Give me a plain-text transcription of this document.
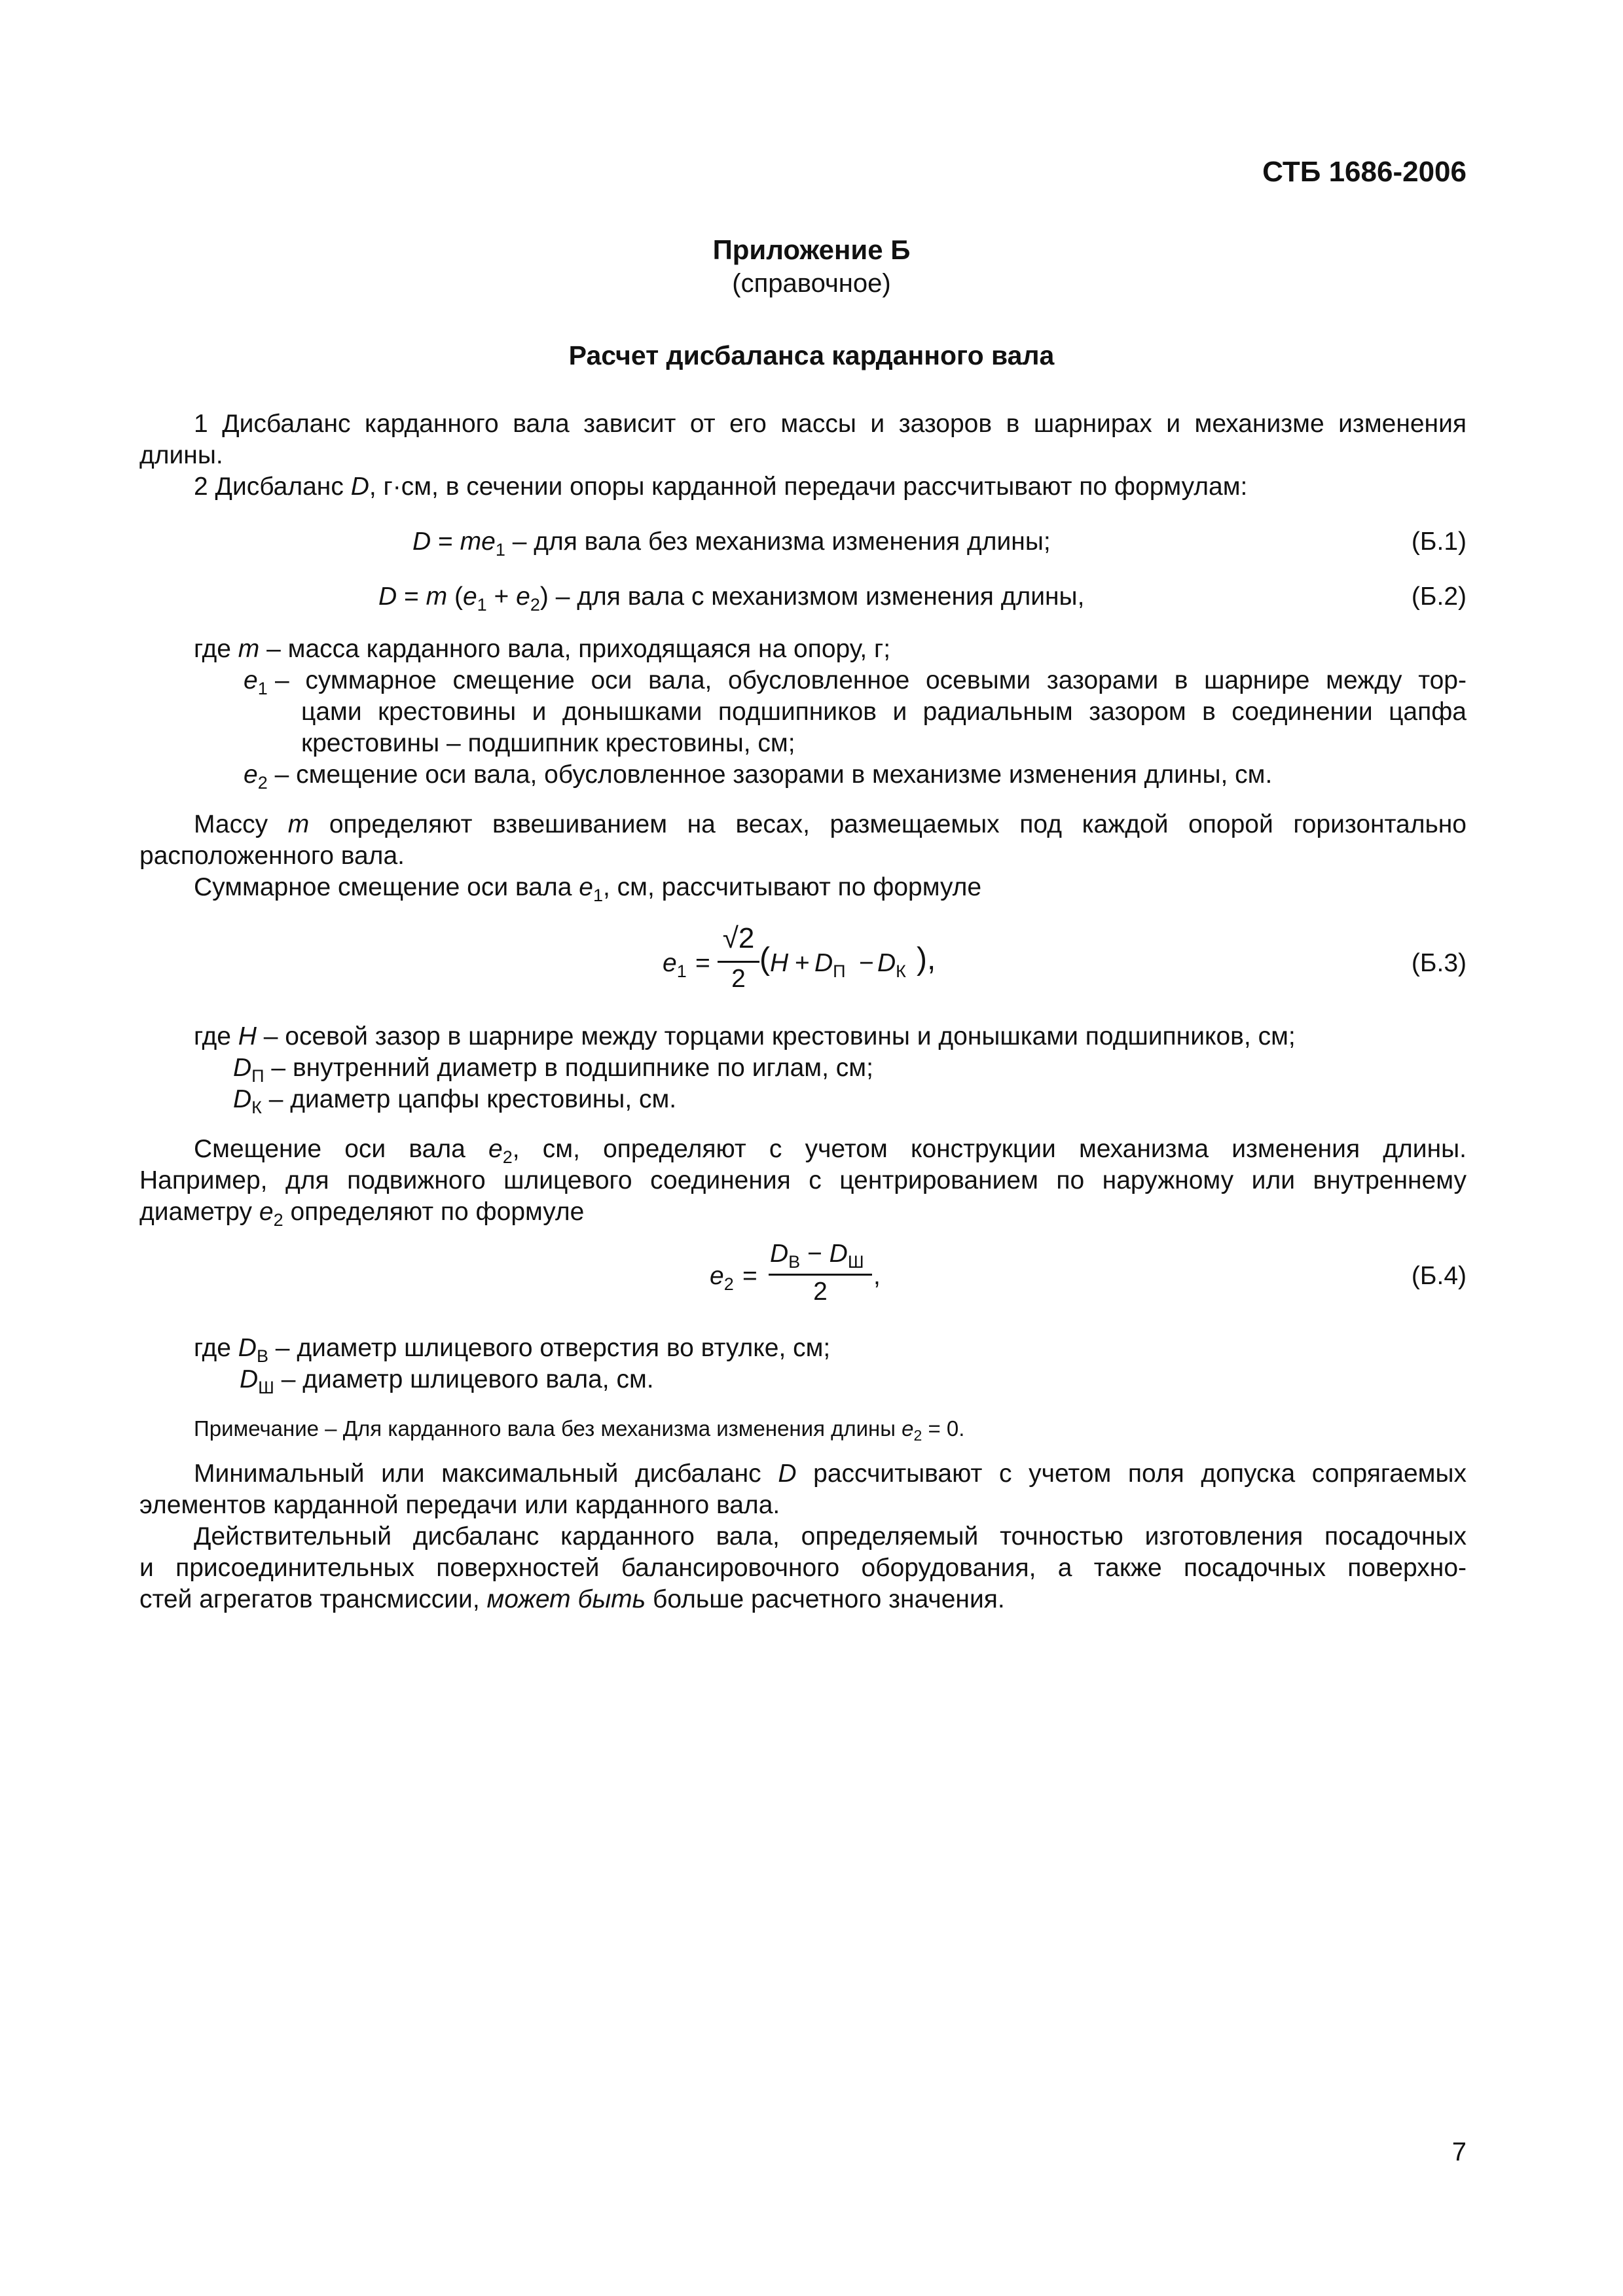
СТБ 1686-2006
Приложение Б
(справочное)
Расчет дисбаланса карданного вала
1 Дисбаланс карданного вала зависит от его массы и зазоров в шарнирах и механизме изменения
длины.
2 Дисбаланс D, г·см, в сечении опоры карданной передачи рассчитывают по формулам:
$D = me_1$ – для вала без механизма изменения длины;	(Б.1)
D = m $(e_1 + e_2)$ – для вала с механизмом изменения длины,	(Б.2)
где m – масса карданного вала, приходящаяся на опору, г;
$e_1$ – суммарное смещение оси вала, обусловленное осевыми зазорами в шарнире между тор-
цами крестовины и донышками подшипников и радиальным зазором в соединении цапфа
крестовины – подшипник крестовины, см;
$e_2$ – смещение оси вала, обусловленное зазорами в механизме изменения длины, см.
Массу m определяют взвешиванием на весах, размещаемых под каждой опорой горизонтально
расположенного вала.
Суммарное смещение оси вала $e_1$, см, рассчитывают по формуле
$e_1$ =
√2
2
( $H + D_П - D_К$ ),	(Б.3)
где H – осевой зазор в шарнире между торцами крестовины и донышками подшипников, см;
$D_П$ – внутренний диаметр в подшипнике по иглам, см;
$D_К$ – диаметр цапфы крестовины, см.
Смещение оси вала $e_2$, см, определяют с учетом конструкции механизма изменения длины.
Например, для подвижного шлицевого соединения с центрированием по наружному или внутреннему
диаметру $e_2$ определяют по формуле
$e_2$ =
$D_В - D_Ш$
2
,	(Б.4)
где $D_В$ – диаметр шлицевого отверстия во втулке, см;
$D_Ш$ – диаметр шлицевого вала, см.
Примечание – Для карданного вала без механизма изменения длины $e_2 = 0$.
Минимальный или максимальный дисбаланс D рассчитывают с учетом поля допуска сопрягаемых
элементов карданной передачи или карданного вала.
Действительный дисбаланс карданного вала, определяемый точностью изготовления посадочных
и присоединительных поверхностей балансировочного оборудования, а также посадочных поверхно-
стей агрегатов трансмиссии, может быть больше расчетного значения.
7
